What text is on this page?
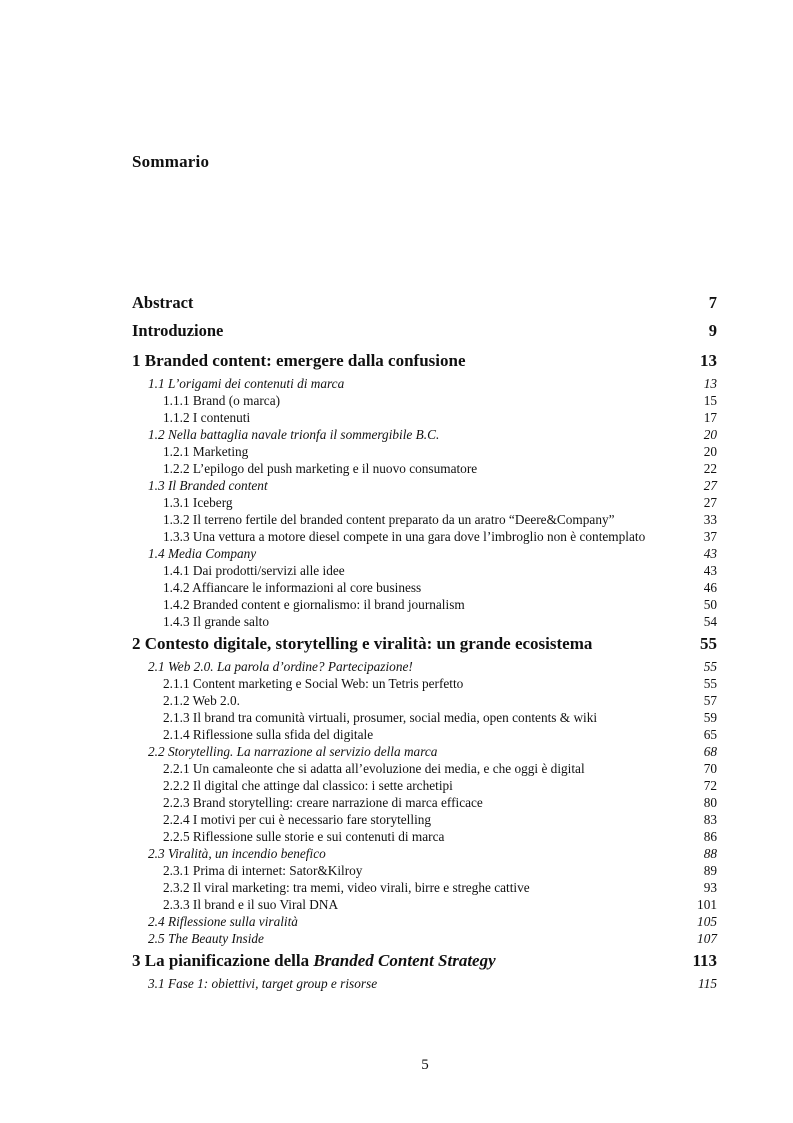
Sommario
Abstract	7
Introduzione	9
1 Branded content: emergere dalla confusione	13
1.1 L’origami dei contenuti di marca	13
1.1.1 Brand (o marca)	15
1.1.2 I contenuti	17
1.2 Nella battaglia navale trionfa il sommergibile B.C.	20
1.2.1 Marketing	20
1.2.2 L’epilogo del push marketing e il nuovo consumatore	22
1.3 Il Branded content	27
1.3.1 Iceberg	27
1.3.2 Il terreno fertile del branded content preparato da un aratro “Deere&Company”	33
1.3.3 Una vettura a motore diesel compete in una gara dove l’imbroglio non è contemplato	37
1.4 Media Company	43
1.4.1 Dai prodotti/servizi alle idee	43
1.4.2 Affiancare le informazioni al core business	46
1.4.2 Branded content e giornalismo: il brand journalism	50
1.4.3 Il grande salto	54
2 Contesto digitale, storytelling e viralità: un grande ecosistema	55
2.1 Web 2.0. La parola d’ordine? Partecipazione!	55
2.1.1 Content marketing e Social Web: un Tetris perfetto	55
2.1.2 Web 2.0.	57
2.1.3 Il brand tra comunità virtuali, prosumer, social media, open contents & wiki	59
2.1.4 Riflessione sulla sfida del digitale	65
2.2 Storytelling. La narrazione al servizio della marca	68
2.2.1 Un camaleonte che si adatta all’evoluzione dei media, e che oggi è digital	70
2.2.2 Il digital che attinge dal classico: i sette archetipi	72
2.2.3 Brand storytelling: creare narrazione di marca efficace	80
2.2.4 I motivi per cui è necessario fare storytelling	83
2.2.5 Riflessione sulle storie e sui contenuti di marca	86
2.3 Viralità, un incendio benefico	88
2.3.1 Prima di internet: Sator&Kilroy	89
2.3.2 Il viral marketing: tra memi, video virali, birre e streghe cattive	93
2.3.3 Il brand e il suo Viral DNA	101
2.4 Riflessione sulla viralità	105
2.5 The Beauty Inside	107
3 La pianificazione della Branded Content Strategy	113
3.1 Fase 1: obiettivi, target group e risorse	115
5
